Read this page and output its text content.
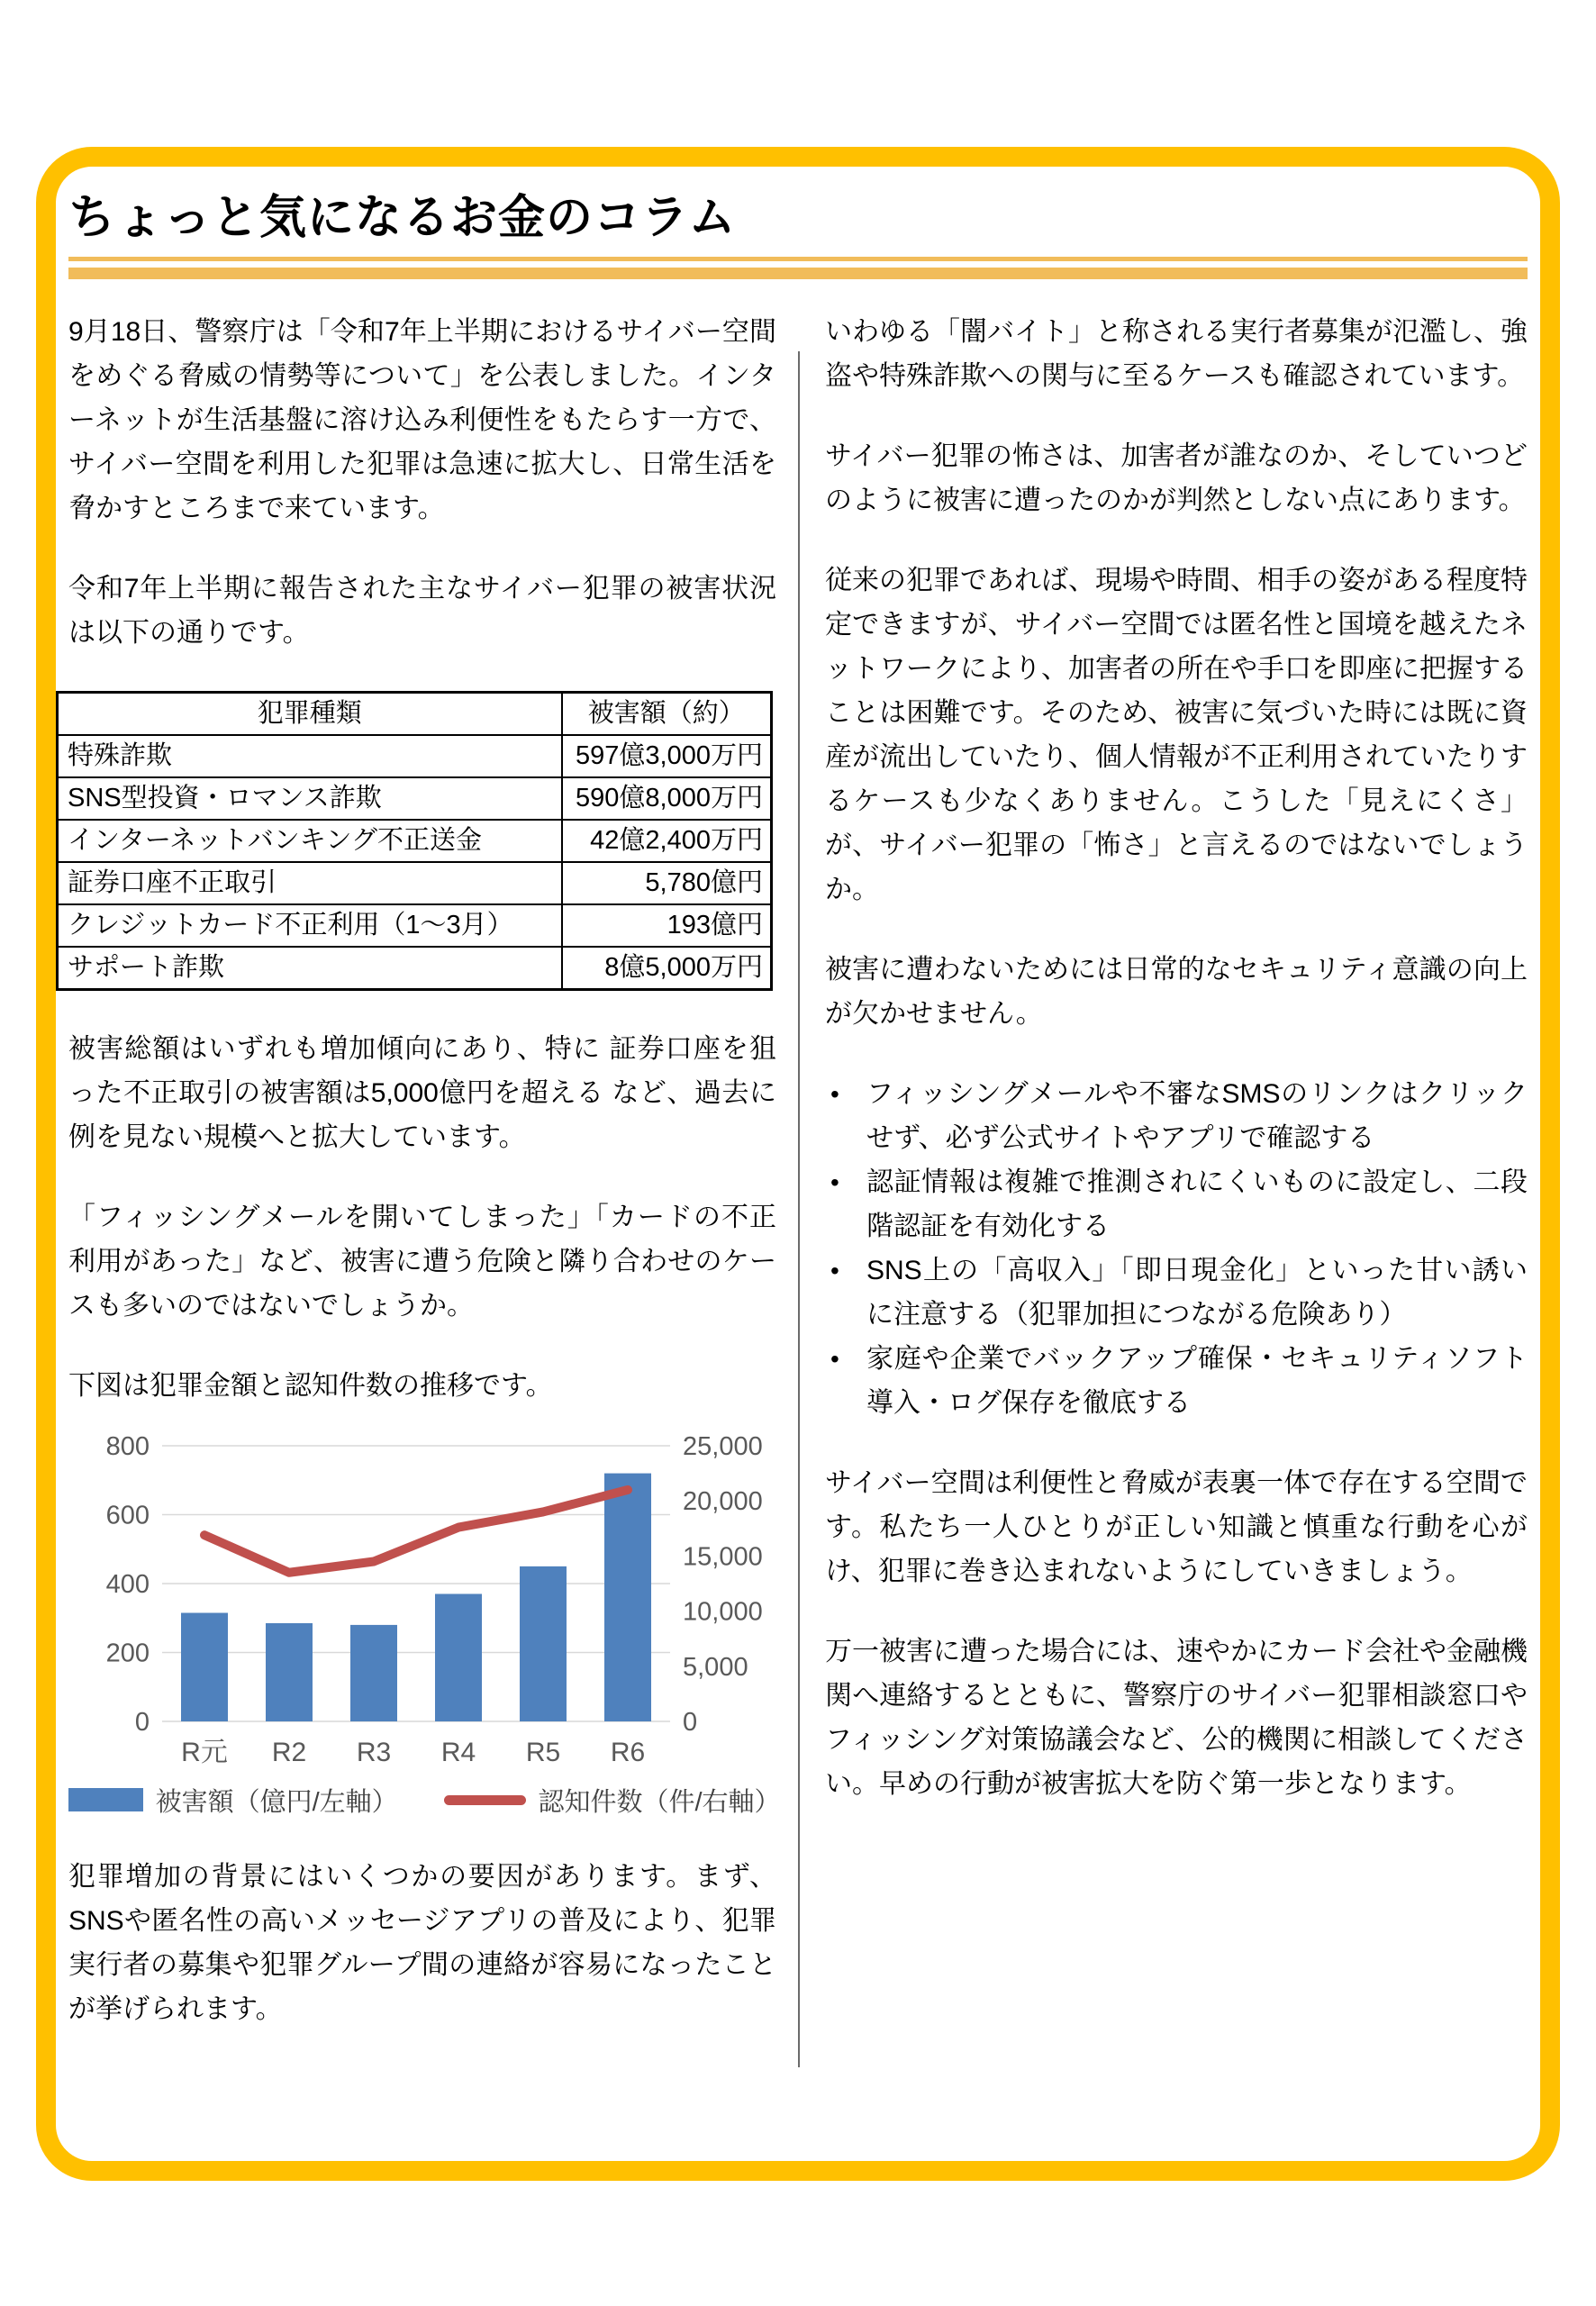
ちょっと気になるお金のコラム

9月18日、警察庁は「令和7年上半期におけるサイバー空間をめぐる脅威の情勢等について」を公表しました。インターネットが生活基盤に溶け込み利便性をもたらす一方で、サイバー空間を利用した犯罪は急速に拡大し、日常生活を脅かすところまで来ています。

令和7年上半期に報告された主なサイバー犯罪の被害状況は以下の通りです。

犯罪種類	被害額（約）
特殊詐欺	597億3,000万円
SNS型投資・ロマンス詐欺	590億8,000万円
インターネットバンキング不正送金	42億2,400万円
証券口座不正取引	5,780億円
クレジットカード不正利用（1～3月）	193億円
サポート詐欺	8億5,000万円

被害総額はいずれも増加傾向にあり、特に 証券口座を狙った不正取引の被害額は5,000億円を超える など、過去に例を見ない規模へと拡大しています。

「フィッシングメールを開いてしまった」「カードの不正利用があった」など、被害に遭う危険と隣り合わせのケースも多いのではないでしょうか。

下図は犯罪金額と認知件数の推移です。

0
200
400
600
800
0
5,000
10,000
15,000
20,000
25,000
R元 R2 R3 R4 R5 R6
被害額（億円/左軸）	認知件数（件/右軸）

犯罪増加の背景にはいくつかの要因があります。まず、SNSや匿名性の高いメッセージアプリの普及により、犯罪実行者の募集や犯罪グループ間の連絡が容易になったことが挙げられます。

いわゆる「闇バイト」と称される実行者募集が氾濫し、強盗や特殊詐欺への関与に至るケースも確認されています。

サイバー犯罪の怖さは、加害者が誰なのか、そしていつどのように被害に遭ったのかが判然としない点にあります。

従来の犯罪であれば、現場や時間、相手の姿がある程度特定できますが、サイバー空間では匿名性と国境を越えたネットワークにより、加害者の所在や手口を即座に把握することは困難です。そのため、被害に気づいた時には既に資産が流出していたり、個人情報が不正利用されていたりするケースも少なくありません。こうした「見えにくさ」が、サイバー犯罪の「怖さ」と言えるのではないでしょうか。

被害に遭わないためには日常的なセキュリティ意識の向上が欠かせません。

• フィッシングメールや不審なSMSのリンクはクリックせず、必ず公式サイトやアプリで確認する
• 認証情報は複雑で推測されにくいものに設定し、二段階認証を有効化する
• SNS上の「高収入」「即日現金化」といった甘い誘いに注意する（犯罪加担につながる危険あり）
• 家庭や企業でバックアップ確保・セキュリティソフト導入・ログ保存を徹底する

サイバー空間は利便性と脅威が表裏一体で存在する空間です。私たち一人ひとりが正しい知識と慎重な行動を心がけ、犯罪に巻き込まれないようにしていきましょう。

万一被害に遭った場合には、速やかにカード会社や金融機関へ連絡するとともに、警察庁のサイバー犯罪相談窓口やフィッシング対策協議会など、公的機関に相談してください。早めの行動が被害拡大を防ぐ第一歩となります。
